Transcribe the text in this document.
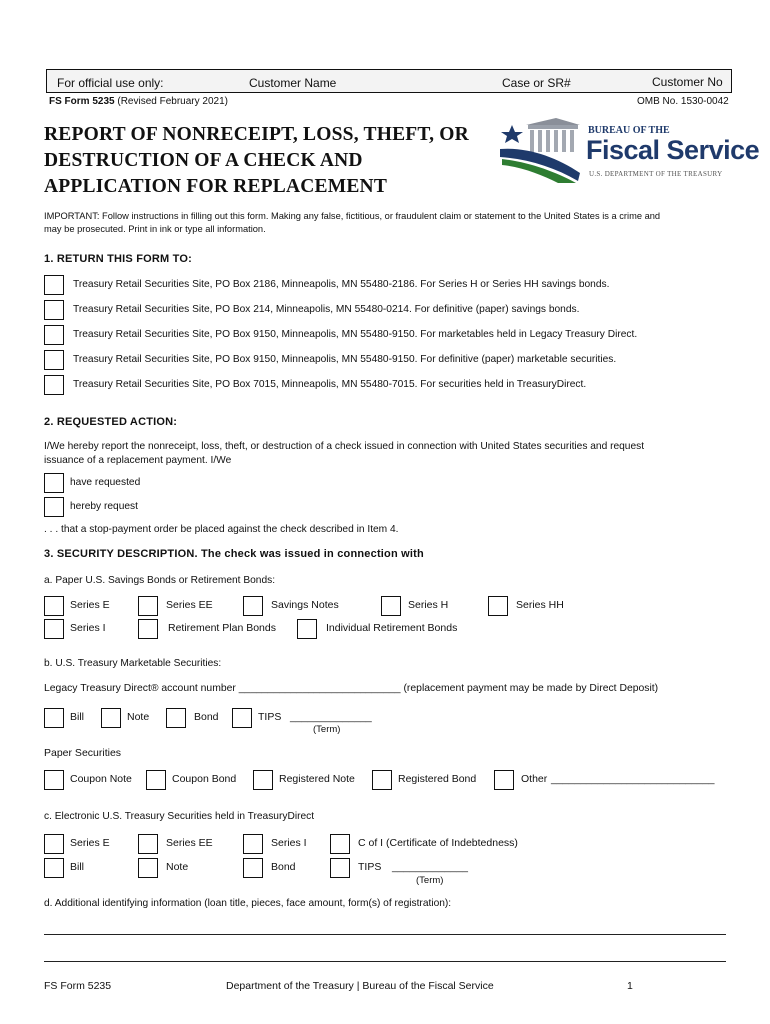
For official use only:	Customer Name	Case or SR#	Customer No
FS Form 5235 (Revised February 2021)	OMB No. 1530-0042
REPORT OF NONRECEIPT, LOSS, THEFT, OR
DESTRUCTION OF A CHECK AND
APPLICATION FOR REPLACEMENT
BUREAU OF THE
Fiscal Service
U.S. DEPARTMENT OF THE TREASURY
IMPORTANT: Follow instructions in filling out this form. Making any false, fictitious, or fraudulent claim or statement to the United States is a crime and
may be prosecuted. Print in ink or type all information.
1. RETURN THIS FORM TO:
Treasury Retail Securities Site, PO Box 2186, Minneapolis, MN 55480-2186. For Series H or Series HH savings bonds.
Treasury Retail Securities Site, PO Box 214, Minneapolis, MN 55480-0214. For definitive (paper) savings bonds.
Treasury Retail Securities Site, PO Box 9150, Minneapolis, MN 55480-9150. For marketables held in Legacy Treasury Direct.
Treasury Retail Securities Site, PO Box 9150, Minneapolis, MN 55480-9150. For definitive (paper) marketable securities.
Treasury Retail Securities Site, PO Box 7015, Minneapolis, MN 55480-7015. For securities held in TreasuryDirect.
2. REQUESTED ACTION:
I/We hereby report the nonreceipt, loss, theft, or destruction of a check issued in connection with United States securities and request
issuance of a replacement payment. I/We
have requested
hereby request
. . . that a stop-payment order be placed against the check described in Item 4.
3. SECURITY DESCRIPTION. The check was issued in connection with
a. Paper U.S. Savings Bonds or Retirement Bonds:
Series E	Series EE	Savings Notes	Series H	Series HH
Series I	Retirement Plan Bonds	Individual Retirement Bonds
b. U.S. Treasury Marketable Securities:
Legacy Treasury Direct® account number ____________________________ (replacement payment may be made by Direct Deposit)
Bill	Note	Bond	TIPS ______________
(Term)
Paper Securities
Coupon Note	Coupon Bond	Registered Note	Registered Bond	Other ____________________________
c. Electronic U.S. Treasury Securities held in TreasuryDirect
Series E	Series EE	Series I	C of I (Certificate of Indebtedness)
Bill	Note	Bond	TIPS _____________
(Term)
d. Additional identifying information (loan title, pieces, face amount, form(s) of registration):
FS Form 5235	Department of the Treasury | Bureau of the Fiscal Service	1
